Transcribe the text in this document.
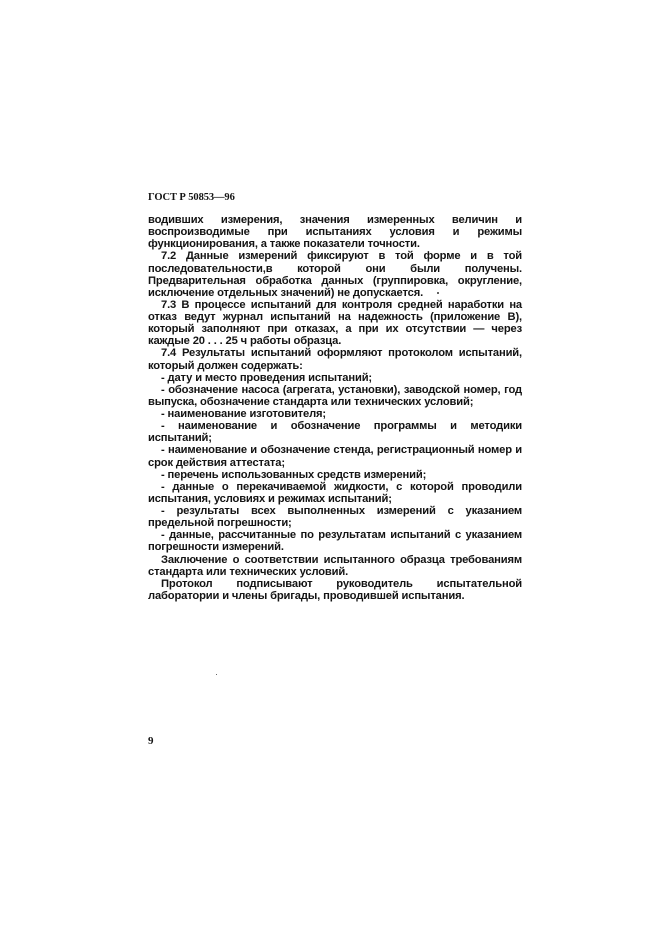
ГОСТ Р 50853—96

водивших измерения, значения измеренных величин и воспроизводимые при испытаниях условия и режимы функционирования, а также показатели точности.

7.2 Данные измерений фиксируют в той форме и в той последовательности,в которой они были получены. Предварительная обработка данных (группировка, округление, исключение отдельных значений) не допускается.

7.3 В процессе испытаний для контроля средней наработки на отказ ведут журнал испытаний на надежность (приложение В), который заполняют при отказах, а при их отсутствии — через каждые 20 . . . 25 ч работы образца.

7.4 Результаты испытаний оформляют протоколом испытаний, который должен содержать:

- дату и место проведения испытаний;

- обозначение насоса (агрегата, установки), заводской номер, год выпуска, обозначение стандарта или технических условий;

- наименование изготовителя;

- наименование и обозначение программы и методики испытаний;

- наименование и обозначение стенда, регистрационный номер и срок действия аттестата;

- перечень использованных средств измерений;

- данные о перекачиваемой жидкости, с которой проводили испытания, условиях и режимах испытаний;

- результаты всех выполненных измерений с указанием предельной погрешности;

- данные, рассчитанные по результатам испытаний с указанием погрешности измерений.

Заключение о соответствии испытанного образца требованиям стандарта или технических условий.

Протокол подписывают руководитель испытательной лаборатории и члены бригады, проводившей испытания.

9
